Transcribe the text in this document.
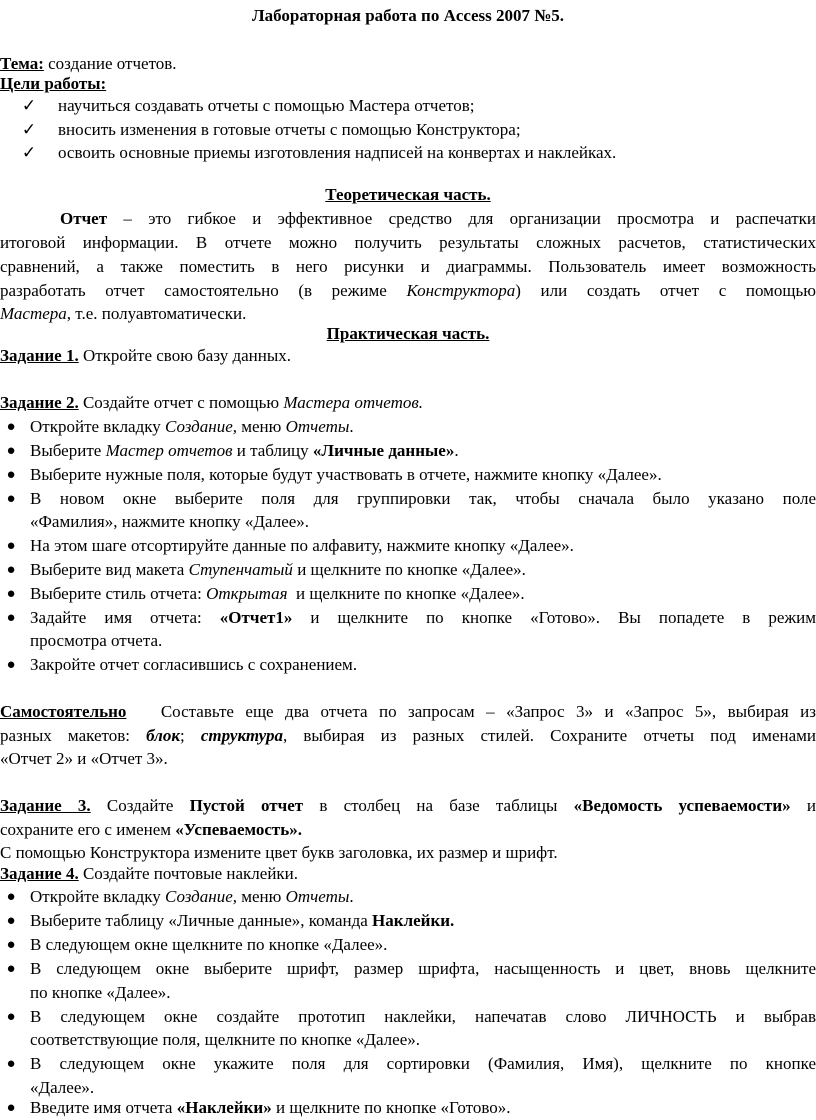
Лабораторная работа по Access 2007 №5.
Тема: создание отчетов.
Цели работы:
✓ научиться создавать отчеты с помощью Мастера отчетов;
✓ вносить изменения в готовые отчеты с помощью Конструктора;
✓ освоить основные приемы изготовления надписей на конвертах и наклейках.
Теоретическая часть.
Отчет – это гибкое и эффективное средство для организации просмотра и распечатки
итоговой информации. В отчете можно получить результаты сложных расчетов, статистических
сравнений, а также поместить в него рисунки и диаграммы. Пользователь имеет возможность
разработать отчет самостоятельно (в режиме Конструктора) или создать отчет с помощью
Мастера, т.е. полуавтоматически.
Практическая часть.
Задание 1. Откройте свою базу данных.
Задание 2. Создайте отчет с помощью Мастера отчетов.
● Откройте вкладку Создание, меню Отчеты.
● Выберите Мастер отчетов и таблицу «Личные данные».
● Выберите нужные поля, которые будут участвовать в отчете, нажмите кнопку «Далее».
● В новом окне выберите поля для группировки так, чтобы сначала было указано поле
«Фамилия», нажмите кнопку «Далее».
● На этом шаге отсортируйте данные по алфавиту, нажмите кнопку «Далее».
● Выберите вид макета Ступенчатый и щелкните по кнопке «Далее».
● Выберите стиль отчета: Открытая  и щелкните по кнопке «Далее».
● Задайте имя отчета: «Отчет1» и щелкните по кнопке «Готово». Вы попадете в режим
просмотра отчета.
● Закройте отчет согласившись с сохранением.
Самостоятельно   Составьте еще два отчета по запросам – «Запрос 3» и «Запрос 5», выбирая из
разных макетов: блок; структура, выбирая из разных стилей. Сохраните отчеты под именами
«Отчет 2» и «Отчет 3».
Задание 3. Создайте Пустой отчет в столбец на базе таблицы «Ведомость успеваемости» и
сохраните его с именем «Успеваемость».
С помощью Конструктора измените цвет букв заголовка, их размер и шрифт.
Задание 4. Создайте почтовые наклейки.
● Откройте вкладку Создание, меню Отчеты.
● Выберите таблицу «Личные данные», команда Наклейки.
● В следующем окне щелкните по кнопке «Далее».
● В следующем окне выберите шрифт, размер шрифта, насыщенность и цвет, вновь щелкните
по кнопке «Далее».
● В следующем окне создайте прототип наклейки, напечатав слово ЛИЧНОСТЬ и выбрав
соответствующие поля, щелкните по кнопке «Далее».
● В следующем окне укажите поля для сортировки (Фамилия, Имя), щелкните по кнопке
«Далее».
● Введите имя отчета «Наклейки» и щелкните по кнопке «Готово».
